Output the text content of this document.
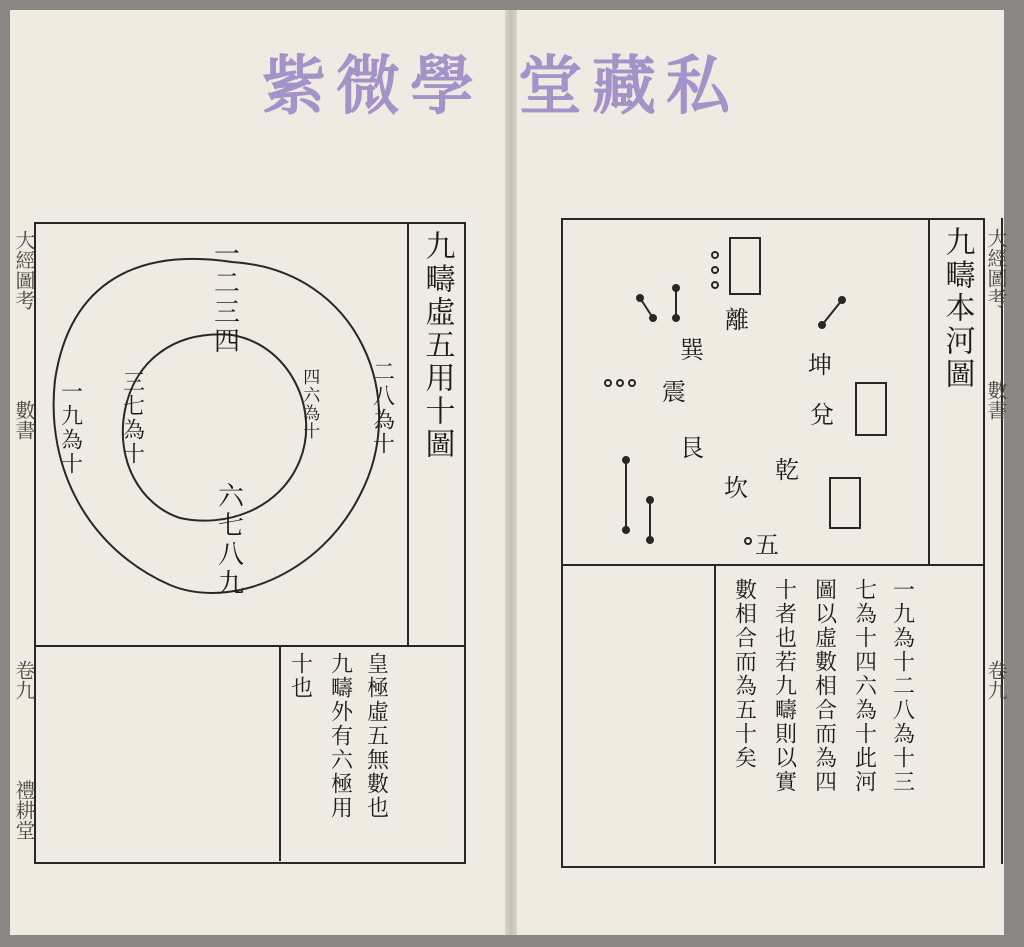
紫微學 堂藏私
大經圖考
數書
卷九
禮耕堂
九疇虛五用十圖
一二三四
六七八九
一九為十	二八為十
三七為十	四六為十
皇極虛五無數也
九疇外有六極用
十也
大經圖考
數書
卷九
九疇本河圖
五
坎
乾
兌
坤
離
巽
震
艮
一九為十二八為十三
七為十四六為十此河
圖以虛數相合而為四
十者也若九疇則以實
數相合而為五十矣
